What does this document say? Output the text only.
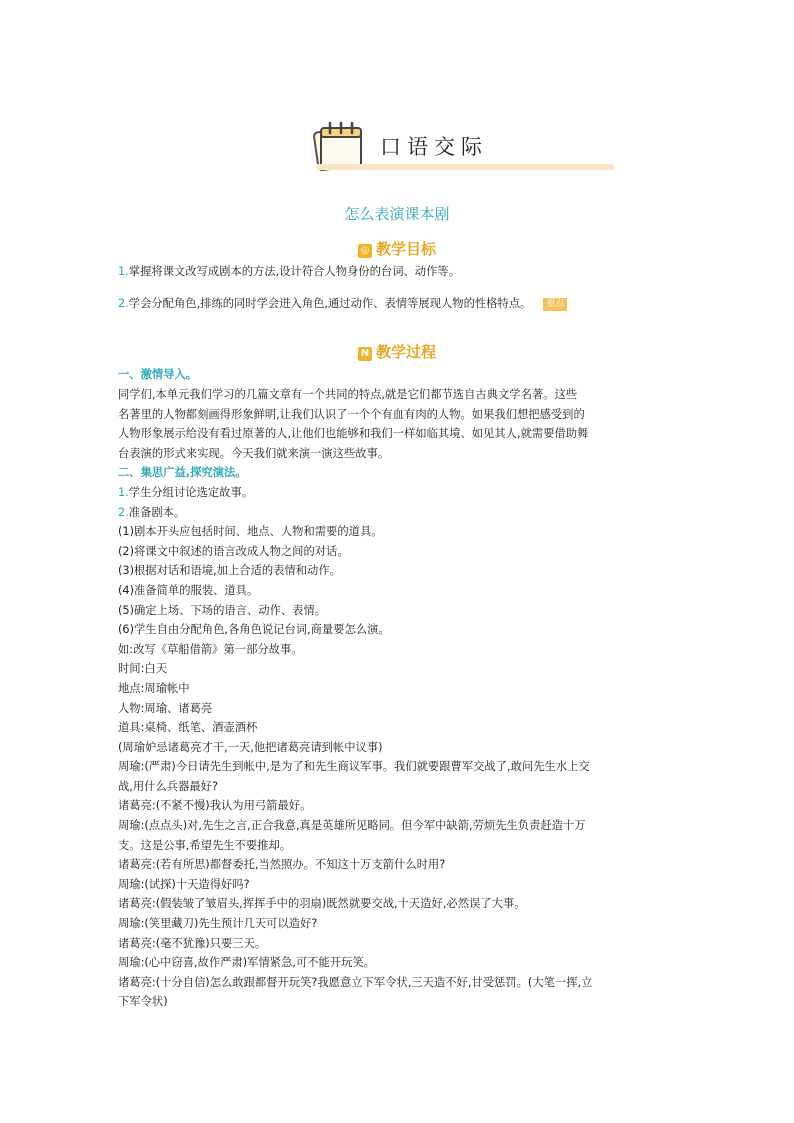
口语交际
怎么表演课本剧
◎ 教学目标
1.掌握将课文改写成剧本的方法,设计符合人物身份的台词、动作等。
2.学会分配角色,排练的同时学会进入角色,通过动作、表情等展现人物的性格特点。 重点
N 教学过程
一、激情导入。
同学们,本单元我们学习的几篇文章有一个共同的特点,就是它们都节选自古典文学名著。这些
名著里的人物都刻画得形象鲜明,让我们认识了一个个有血有肉的人物。如果我们想把感受到的
人物形象展示给没有看过原著的人,让他们也能够和我们一样如临其境、如见其人,就需要借助舞
台表演的形式来实现。今天我们就来演一演这些故事。
二、集思广益,探究演法。
1.学生分组讨论选定故事。
2.准备剧本。
(1)剧本开头应包括时间、地点、人物和需要的道具。
(2)将课文中叙述的语言改成人物之间的对话。
(3)根据对话和语境,加上合适的表情和动作。
(4)准备简单的服装、道具。
(5)确定上场、下场的语言、动作、表情。
(6)学生自由分配角色,各角色说记台词,商量要怎么演。
如:改写《草船借箭》第一部分故事。
时间:白天
地点:周瑜帐中
人物:周瑜、诸葛亮
道具:桌椅、纸笔、酒壶酒杯
(周瑜妒忌诸葛亮才干,一天,他把诸葛亮请到帐中议事)
周瑜:(严肃)今日请先生到帐中,是为了和先生商议军事。我们就要跟曹军交战了,敢问先生水上交
战,用什么兵器最好?
诸葛亮:(不紧不慢)我认为用弓箭最好。
周瑜:(点点头)对,先生之言,正合我意,真是英雄所见略同。但今军中缺箭,劳烦先生负责赶造十万
支。这是公事,希望先生不要推却。
诸葛亮:(若有所思)都督委托,当然照办。不知这十万支箭什么时用?
周瑜:(试探)十天造得好吗?
诸葛亮:(假装皱了皱眉头,挥挥手中的羽扇)既然就要交战,十天造好,必然误了大事。
周瑜:(笑里藏刀)先生预计几天可以造好?
诸葛亮:(毫不犹豫)只要三天。
周瑜:(心中窃喜,故作严肃)军情紧急,可不能开玩笑。
诸葛亮:(十分自信)怎么敢跟都督开玩笑?我愿意立下军令状,三天造不好,甘受惩罚。(大笔一挥,立
下军令状)
